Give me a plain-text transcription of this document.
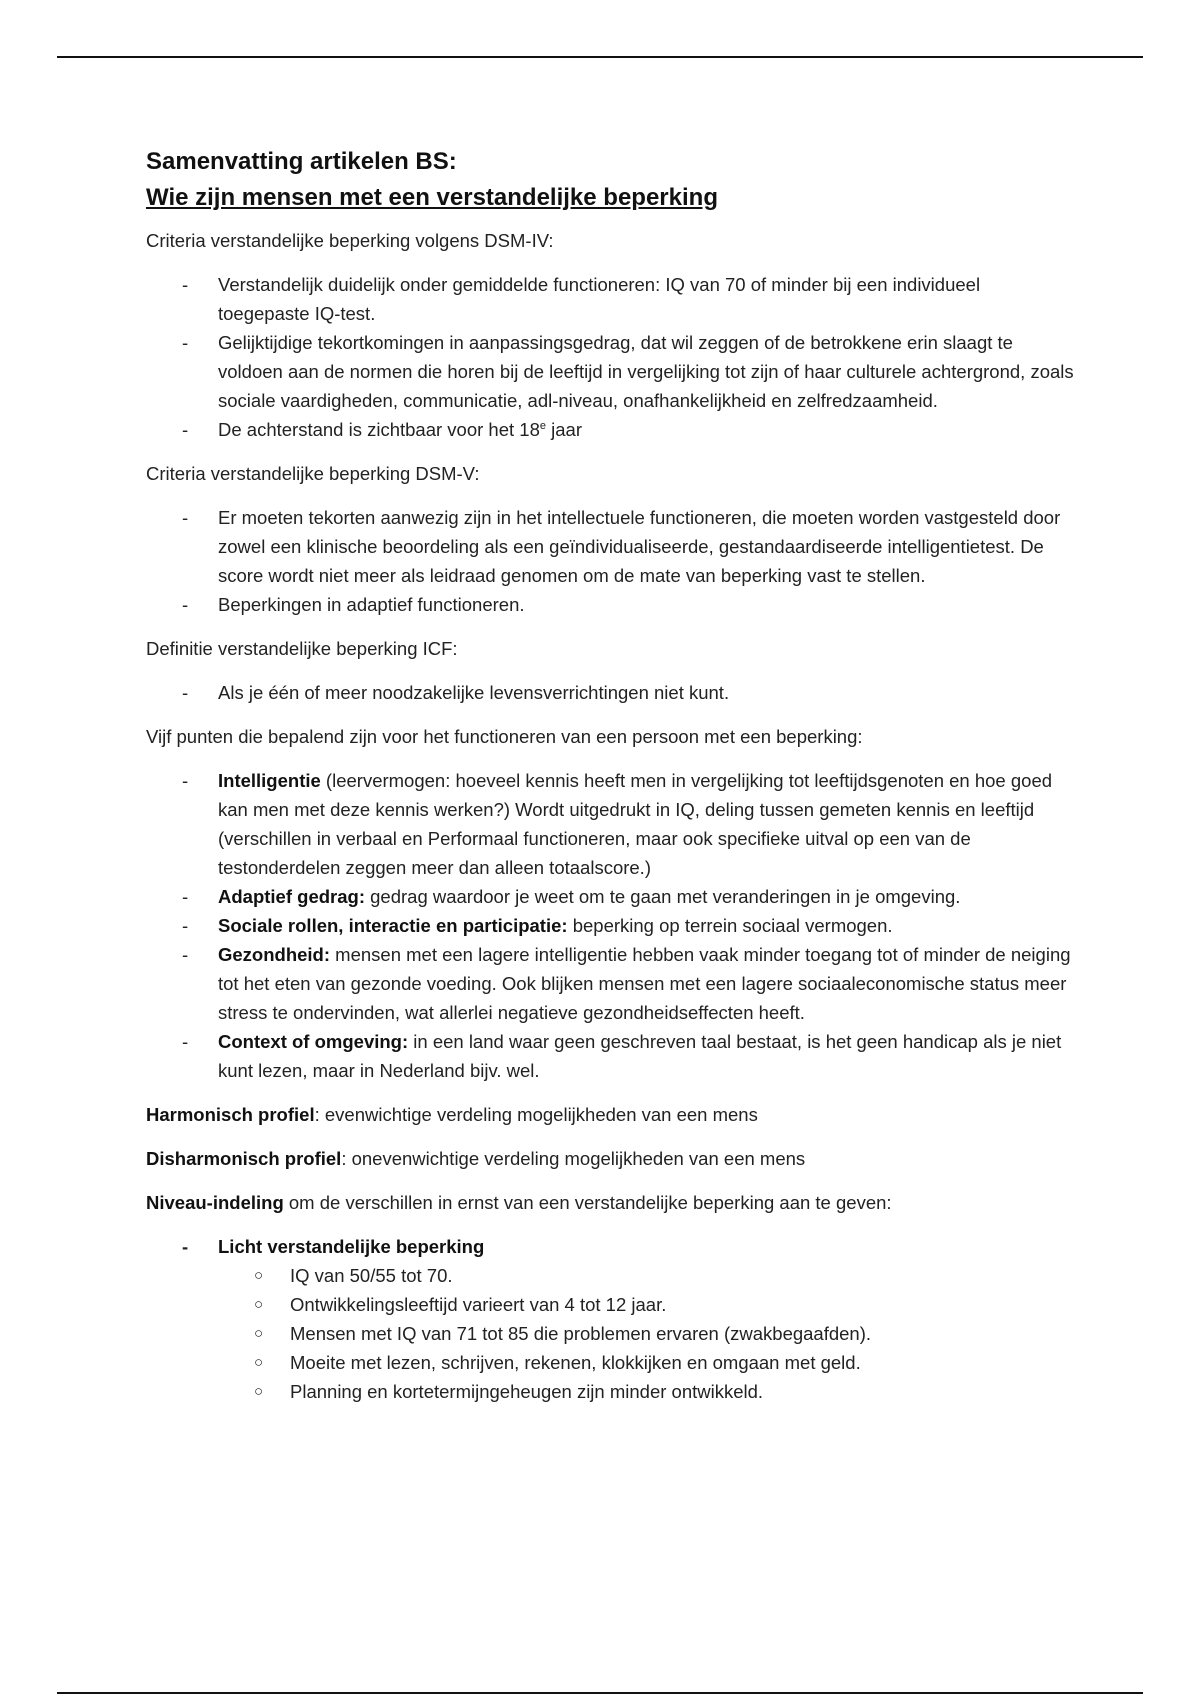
Samenvatting artikelen BS:
Wie zijn mensen met een verstandelijke beperking

Criteria verstandelijke beperking volgens DSM-IV:

- Verstandelijk duidelijk onder gemiddelde functioneren: IQ van 70 of minder bij een individueel toegepaste IQ-test.
- Gelijktijdige tekortkomingen in aanpassingsgedrag, dat wil zeggen of de betrokkene erin slaagt te voldoen aan de normen die horen bij de leeftijd in vergelijking tot zijn of haar culturele achtergrond, zoals sociale vaardigheden, communicatie, adl-niveau, onafhankelijkheid en zelfredzaamheid.
- De achterstand is zichtbaar voor het 18e jaar

Criteria verstandelijke beperking DSM-V:

- Er moeten tekorten aanwezig zijn in het intellectuele functioneren, die moeten worden vastgesteld door zowel een klinische beoordeling als een geïndividualiseerde, gestandaardiseerde intelligentietest. De score wordt niet meer als leidraad genomen om de mate van beperking vast te stellen.
- Beperkingen in adaptief functioneren.

Definitie verstandelijke beperking ICF:

- Als je één of meer noodzakelijke levensverrichtingen niet kunt.

Vijf punten die bepalend zijn voor het functioneren van een persoon met een beperking:

- Intelligentie (leervermogen: hoeveel kennis heeft men in vergelijking tot leeftijdsgenoten en hoe goed kan men met deze kennis werken?) Wordt uitgedrukt in IQ, deling tussen gemeten kennis en leeftijd (verschillen in verbaal en Performaal functioneren, maar ook specifieke uitval op een van de testonderdelen zeggen meer dan alleen totaalscore.)
- Adaptief gedrag: gedrag waardoor je weet om te gaan met veranderingen in je omgeving.
- Sociale rollen, interactie en participatie: beperking op terrein sociaal vermogen.
- Gezondheid: mensen met een lagere intelligentie hebben vaak minder toegang tot of minder de neiging tot het eten van gezonde voeding. Ook blijken mensen met een lagere sociaaleconomische status meer stress te ondervinden, wat allerlei negatieve gezondheidseffecten heeft.
- Context of omgeving: in een land waar geen geschreven taal bestaat, is het geen handicap als je niet kunt lezen, maar in Nederland bijv. wel.

Harmonisch profiel: evenwichtige verdeling mogelijkheden van een mens

Disharmonisch profiel: onevenwichtige verdeling mogelijkheden van een mens

Niveau-indeling om de verschillen in ernst van een verstandelijke beperking aan te geven:

- Licht verstandelijke beperking
○ IQ van 50/55 tot 70.
○ Ontwikkelingsleeftijd varieert van 4 tot 12 jaar.
○ Mensen met IQ van 71 tot 85 die problemen ervaren (zwakbegaafden).
○ Moeite met lezen, schrijven, rekenen, klokkijken en omgaan met geld.
○ Planning en kortetermijngeheugen zijn minder ontwikkeld.
